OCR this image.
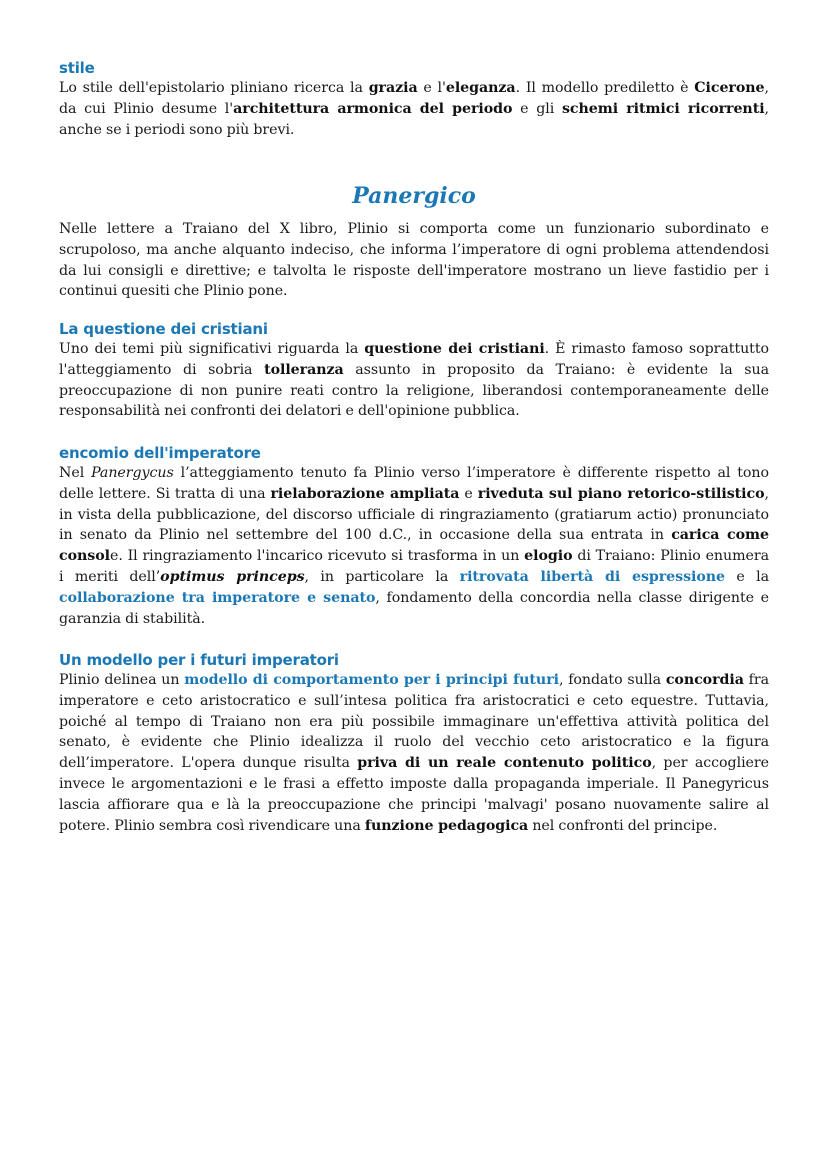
stile

Lo stile dell'epistolario pliniano ricerca la grazia e l'eleganza. Il modello prediletto è Cicerone, da cui Plinio desume l'architettura armonica del periodo e gli schemi ritmici ricorrenti, anche se i periodi sono più brevi.

Panergico

Nelle lettere a Traiano del X libro, Plinio si comporta come un funzionario subordinato e scrupoloso, ma anche alquanto indeciso, che informa l’imperatore di ogni problema attendendosi da lui consigli e direttive; e talvolta le risposte dell'imperatore mostrano un lieve fastidio per i continui quesiti che Plinio pone.

La questione dei cristiani

Uno dei temi più significativi riguarda la questione dei cristiani. È rimasto famoso soprattutto l'atteggiamento di sobria tolleranza assunto in proposito da Traiano: è evidente la sua preoccupazione di non punire reati contro la religione, liberandosi contemporaneamente delle responsabilità nei confronti dei delatori e dell'opinione pubblica.

encomio dell'imperatore

Nel Panergycus l’atteggiamento tenuto fa Plinio verso l’imperatore è differente rispetto al tono delle lettere. Si tratta di una rielaborazione ampliata e riveduta sul piano retorico-stilistico, in vista della pubblicazione, del discorso ufficiale di ringraziamento (gratiarum actio) pronunciato in senato da Plinio nel settembre del 100 d.C., in occasione della sua entrata in carica come console. Il ringraziamento l'incarico ricevuto si trasforma in un elogio di Traiano: Plinio enumera i meriti dell’optimus princeps, in particolare la ritrovata libertà di espressione e la collaborazione tra imperatore e senato, fondamento della concordia nella classe dirigente e garanzia di stabilità.

Un modello per i futuri imperatori

Plinio delinea un modello di comportamento per i principi futuri, fondato sulla concordia fra imperatore e ceto aristocratico e sull’intesa politica fra aristocratici e ceto equestre. Tuttavia, poiché al tempo di Traiano non era più possibile immaginare un'effettiva attività politica del senato, è evidente che Plinio idealizza il ruolo del vecchio ceto aristocratico e la figura dell’imperatore. L'opera dunque risulta priva di un reale contenuto politico, per accogliere invece le argomentazioni e le frasi a effetto imposte dalla propaganda imperiale. Il Panegyricus lascia affiorare qua e là la preoccupazione che principi 'malvagi' posano nuovamente salire al potere. Plinio sembra così rivendicare una funzione pedagogica nel confronti del principe.
